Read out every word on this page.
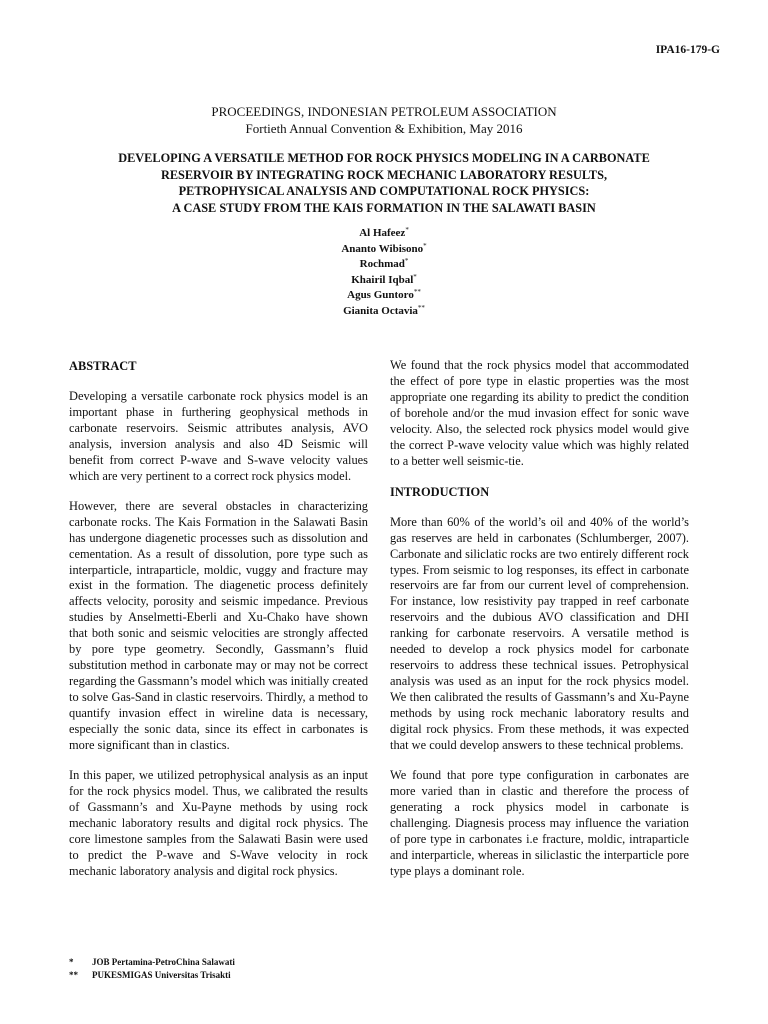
IPA16-179-G
PROCEEDINGS, INDONESIAN PETROLEUM ASSOCIATION
Fortieth Annual Convention & Exhibition, May 2016
DEVELOPING A VERSATILE METHOD FOR ROCK PHYSICS MODELING IN A CARBONATE
RESERVOIR BY INTEGRATING ROCK MECHANIC LABORATORY RESULTS,
PETROPHYSICAL ANALYSIS AND COMPUTATIONAL ROCK PHYSICS:
A CASE STUDY FROM THE KAIS FORMATION IN THE SALAWATI BASIN
Al Hafeez*
Ananto Wibisono*
Rochmad*
Khairil Iqbal*
Agus Guntoro**
Gianita Octavia**
ABSTRACT

Developing a versatile carbonate rock physics model is an important phase in furthering geophysical methods in carbonate reservoirs. Seismic attributes analysis, AVO analysis, inversion analysis and also 4D Seismic will benefit from correct P-wave and S-wave velocity values which are very pertinent to a correct rock physics model.

However, there are several obstacles in characterizing carbonate rocks. The Kais Formation in the Salawati Basin has undergone diagenetic processes such as dissolution and cementation. As a result of dissolution, pore type such as interparticle, intraparticle, moldic, vuggy and fracture may exist in the formation. The diagenetic process definitely affects velocity, porosity and seismic impedance. Previous studies by Anselmetti-Eberli and Xu-Chako have shown that both sonic and seismic velocities are strongly affected by pore type geometry. Secondly, Gassmann’s fluid substitution method in carbonate may or may not be correct regarding the Gassmann’s model which was initially created to solve Gas-Sand in clastic reservoirs. Thirdly, a method to quantify invasion effect in wireline data is necessary, especially the sonic data, since its effect in carbonates is more significant than in clastics.

In this paper, we utilized petrophysical analysis as an input for the rock physics model. Thus, we calibrated the results of Gassmann’s and Xu-Payne methods by using rock mechanic laboratory results and digital rock physics. The core limestone samples from the Salawati Basin were used to predict the P-wave and S-Wave velocity in rock mechanic laboratory analysis and digital rock physics.

We found that the rock physics model that accommodated the effect of pore type in elastic properties was the most appropriate one regarding its ability to predict the condition of borehole and/or the mud invasion effect for sonic wave velocity. Also, the selected rock physics model would give the correct P-wave velocity value which was highly related to a better well seismic-tie.

INTRODUCTION

More than 60% of the world’s oil and 40% of the world’s gas reserves are held in carbonates (Schlumberger, 2007). Carbonate and siliclatic rocks are two entirely different rock types. From seismic to log responses, its effect in carbonate reservoirs are far from our current level of comprehension. For instance, low resistivity pay trapped in reef carbonate reservoirs and the dubious AVO classification and DHI ranking for carbonate reservoirs. A versatile method is needed to develop a rock physics model for carbonate reservoirs to address these technical issues. Petrophysical analysis was used as an input for the rock physics model. We then calibrated the results of Gassmann’s and Xu-Payne methods by using rock mechanic laboratory results and digital rock physics. From these methods, it was expected that we could develop answers to these technical problems.

We found that pore type configuration in carbonates are more varied than in clastic and therefore the process of generating a rock physics model in carbonate is challenging. Diagnesis process may influence the variation of pore type in carbonates i.e fracture, moldic, intraparticle and interparticle, whereas in siliclastic the interparticle pore type plays a dominant role.

*	JOB Pertamina-PetroChina Salawati
**	PUKESMIGAS Universitas Trisakti
